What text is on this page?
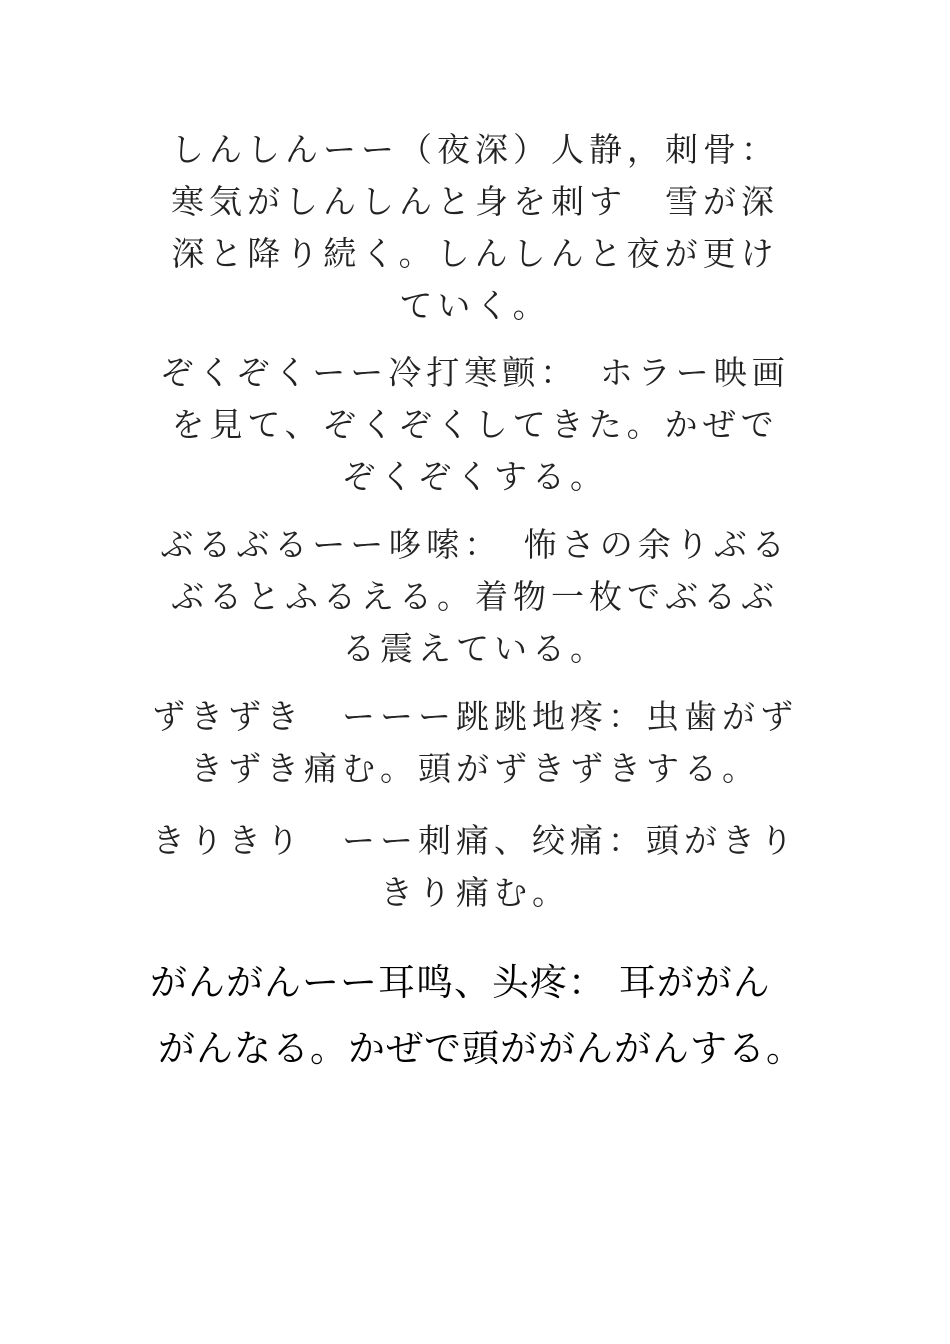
しんしんーー（夜深）人静，刺骨：
寒気がしんしんと身を刺す　雪が深
深と降り続く。しんしんと夜が更け
ていく。
ぞくぞくーー冷打寒颤：　ホラー映画
を見て、ぞくぞくしてきた。かぜで
ぞくぞくする。
ぶるぶるーー哆嗦：　怖さの余りぶる
ぶるとふるえる。着物一枚でぶるぶ
る震えている。
ずきずき　ーーー跳跳地疼：虫歯がず
きずき痛む。頭がずきずきする。
きりきり　ーー刺痛、绞痛：頭がきり
きり痛む。
がんがんーー耳鸣、头疼： 耳ががん
がんなる。かぜで頭ががんがんする。
